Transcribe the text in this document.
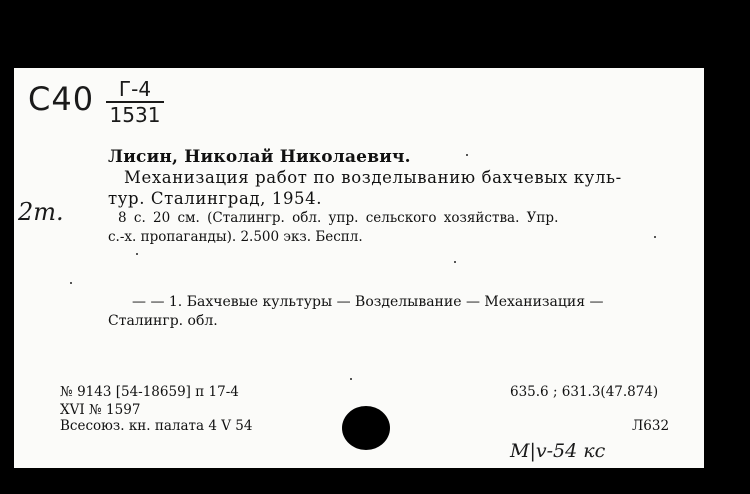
C40	Г-4
1531
2m.
Лисин, Николай Николаевич.
Механизация работ по возделыванию бахчевых куль-
тур. Сталинград, 1954.
8 с. 20 см. (Сталингр. обл. упр. сельского хозяйства. Упр.
с.-х. пропаганды). 2.500 экз. Беспл.
— — 1. Бахчевые культуры — Возделывание — Механизация —
Сталингр. обл.
№ 9143 [54-18659] п 17-4
XVI № 1597
Всесоюз. кн. палата 4 V 54
635.6 ; 631.3(47.874)
Л632
М|v-54 кс
